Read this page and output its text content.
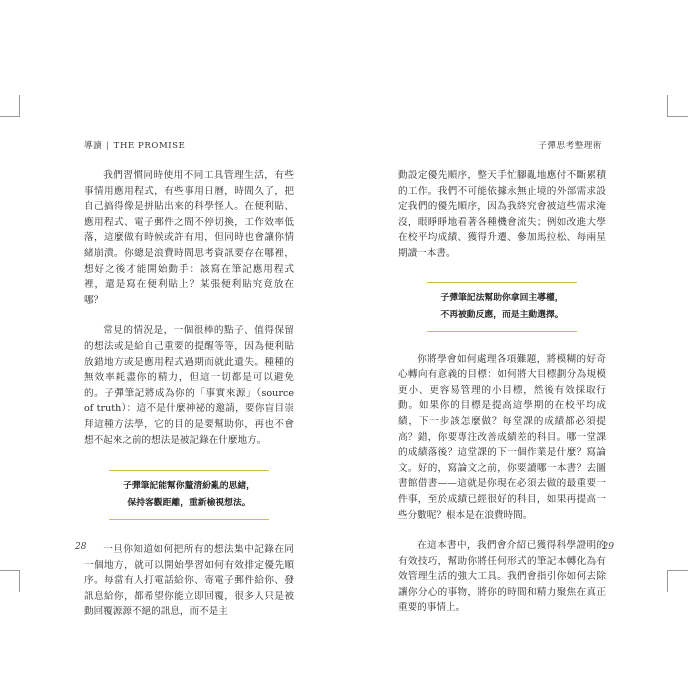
導讀 | THE PROMISE

我們習慣同時使用不同工具管理生活，有些事情用應用程式，有些事用日曆，時間久了，把自己搞得像是拼貼出來的科學怪人。在便利貼、應用程式、電子郵件之間不停切換，工作效率低落，這麼做有時候或許有用，但同時也會讓你情緒崩潰。你總是浪費時間思考資訊要存在哪裡，想好之後才能開始動手：該寫在筆記應用程式裡，還是寫在便利貼上？某張便利貼究竟放在哪？

常見的情況是，一個很棒的點子、值得保留的想法或是給自己重要的提醒等等，因為便利貼放錯地方或是應用程式過期而就此遺失。種種的無效率耗盡你的精力，但這一切都是可以避免的。子彈筆記將成為你的「事實來源」（source of truth）：這不是什麼神祕的邀請，要你盲目崇拜這種方法學，它的目的是要幫助你，再也不會想不起來之前的想法是被記錄在什麼地方。

子彈筆記能幫你釐清紛亂的思緒，
保持客觀距離，重新檢視想法。

一旦你知道如何把所有的想法集中記錄在同一個地方，就可以開始學習如何有效排定優先順序。每當有人打電話給你、寄電子郵件給你、發訊息給你，都希望你能立即回覆，很多人只是被動回覆源源不絕的訊息，而不是主

28
子彈思考整理術

動設定優先順序，整天手忙腳亂地應付不斷累積的工作。我們不可能依據永無止境的外部需求設定我們的優先順序，因為我終究會被這些需求淹沒，眼睜睜地看著各種機會流失；例如改進大學在校平均成績、獲得升遷、參加馬拉松、每兩星期讀一本書。

子彈筆記法幫助你拿回主導權，
不再被動反應，而是主動選擇。

你將學會如何處理各項難題，將模糊的好奇心轉向有意義的目標：如何將大目標劃分為規模更小、更容易管理的小目標，然後有效採取行動。如果你的目標是提高這學期的在校平均成績，下一步該怎麼做？每堂課的成績都必須提高？錯，你要專注改善成績差的科目。哪一堂課的成績落後？這堂課的下一個作業是什麼？寫論文。好的，寫論文之前，你要讀哪一本書？去圖書館借書——這就是你現在必須去做的最重要一件事，至於成績已經很好的科目，如果再提高一些分數呢？根本是在浪費時間。

在這本書中，我們會介紹已獲得科學證明的有效技巧，幫助你將任何形式的筆記本轉化為有效管理生活的強大工具。我們會指引你如何去除讓你分心的事物，將你的時間和精力聚焦在真正重要的事情上。

29
